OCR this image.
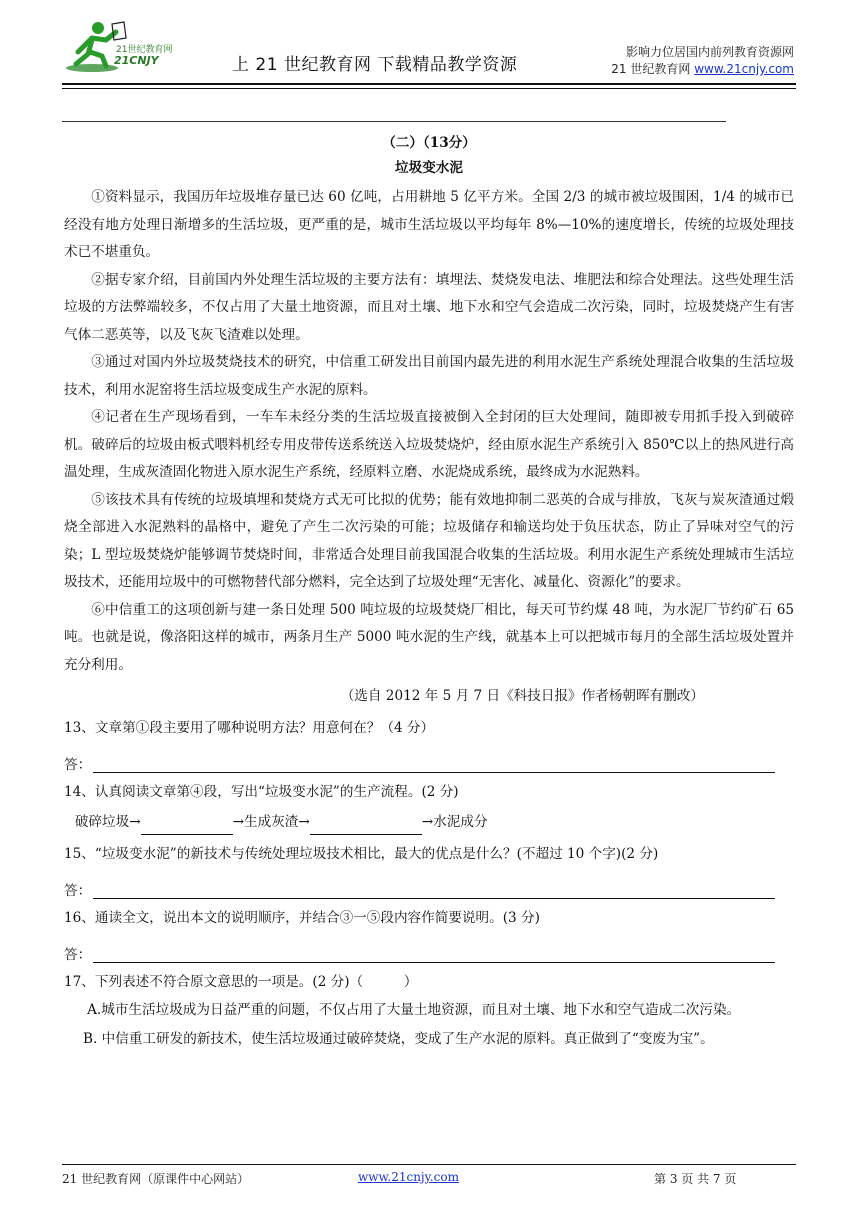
21世纪教育网
21CNJY	上 21 世纪教育网 下载精品教学资源
影响力位居国内前列教育资源网
21 世纪教育网 www.21cnjy.com
（二）（13分）
垃圾变水泥

①资料显示，我国历年垃圾堆存量已达 60 亿吨，占用耕地 5 亿平方米。全国 2/3 的城市被垃圾围困，1/4 的城市已经没有地方处理日渐增多的生活垃圾，更严重的是，城市生活垃圾以平均每年 8%—10%的速度增长，传统的垃圾处理技术已不堪重负。

②据专家介绍，目前国内外处理生活垃圾的主要方法有：填埋法、焚烧发电法、堆肥法和综合处理法。这些处理生活垃圾的方法弊端较多，不仅占用了大量土地资源，而且对土壤、地下水和空气会造成二次污染，同时，垃圾焚烧产生有害气体二恶英等，以及飞灰飞渣难以处理。

③通过对国内外垃圾焚烧技术的研究，中信重工研发出目前国内最先进的利用水泥生产系统处理混合收集的生活垃圾技术，利用水泥窑将生活垃圾变成生产水泥的原料。

④记者在生产现场看到，一车车未经分类的生活垃圾直接被倒入全封闭的巨大处理间，随即被专用抓手投入到破碎机。破碎后的垃圾由板式喂料机经专用皮带传送系统送入垃圾焚烧炉，经由原水泥生产系统引入 850℃以上的热风进行高温处理，生成灰渣固化物进入原水泥生产系统，经原料立磨、水泥烧成系统，最终成为水泥熟料。

⑤该技术具有传统的垃圾填埋和焚烧方式无可比拟的优势；能有效地抑制二恶英的合成与排放，飞灰与炭灰渣通过煅烧全部进入水泥熟料的晶格中，避免了产生二次污染的可能；垃圾储存和输送均处于负压状态，防止了异味对空气的污染；L 型垃圾焚烧炉能够调节焚烧时间，非常适合处理目前我国混合收集的生活垃圾。利用水泥生产系统处理城市生活垃圾技术，还能用垃圾中的可燃物替代部分燃料，完全达到了垃圾处理“无害化、减量化、资源化”的要求。

⑥中信重工的这项创新与建一条日处理 500 吨垃圾的垃圾焚烧厂相比，每天可节约煤 48 吨，为水泥厂节约矿石 65 吨。也就是说，像洛阳这样的城市，两条月生产 5000 吨水泥的生产线，就基本上可以把城市每月的全部生活垃圾处置并充分利用。

（选自 2012 年 5 月 7 日《科技日报》作者杨朝晖有删改）
13、文章第①段主要用了哪种说明方法？用意何在？（4 分）
答：
14、认真阅读文章第④段，写出“垃圾变水泥”的生产流程。(2 分)
破碎垃圾→	→生成灰渣→	→水泥成分
15、“垃圾变水泥”的新技术与传统处理垃圾技术相比，最大的优点是什么？(不超过 10 个字)(2 分)
答：
16、通读全文，说出本文的说明顺序，并结合③一⑤段内容作简要说明。(3 分)
答：
17、下列表述不符合原文意思的一项是。(2 分)（　　　）
A.城市生活垃圾成为日益严重的问题，不仅占用了大量土地资源，而且对土壤、地下水和空气造成二次污染。
B. 中信重工研发的新技术，使生活垃圾通过破碎焚烧，变成了生产水泥的原料。真正做到了“变废为宝”。
21 世纪教育网（原课件中心网站）	www.21cnjy.com	第 3 页 共 7 页
